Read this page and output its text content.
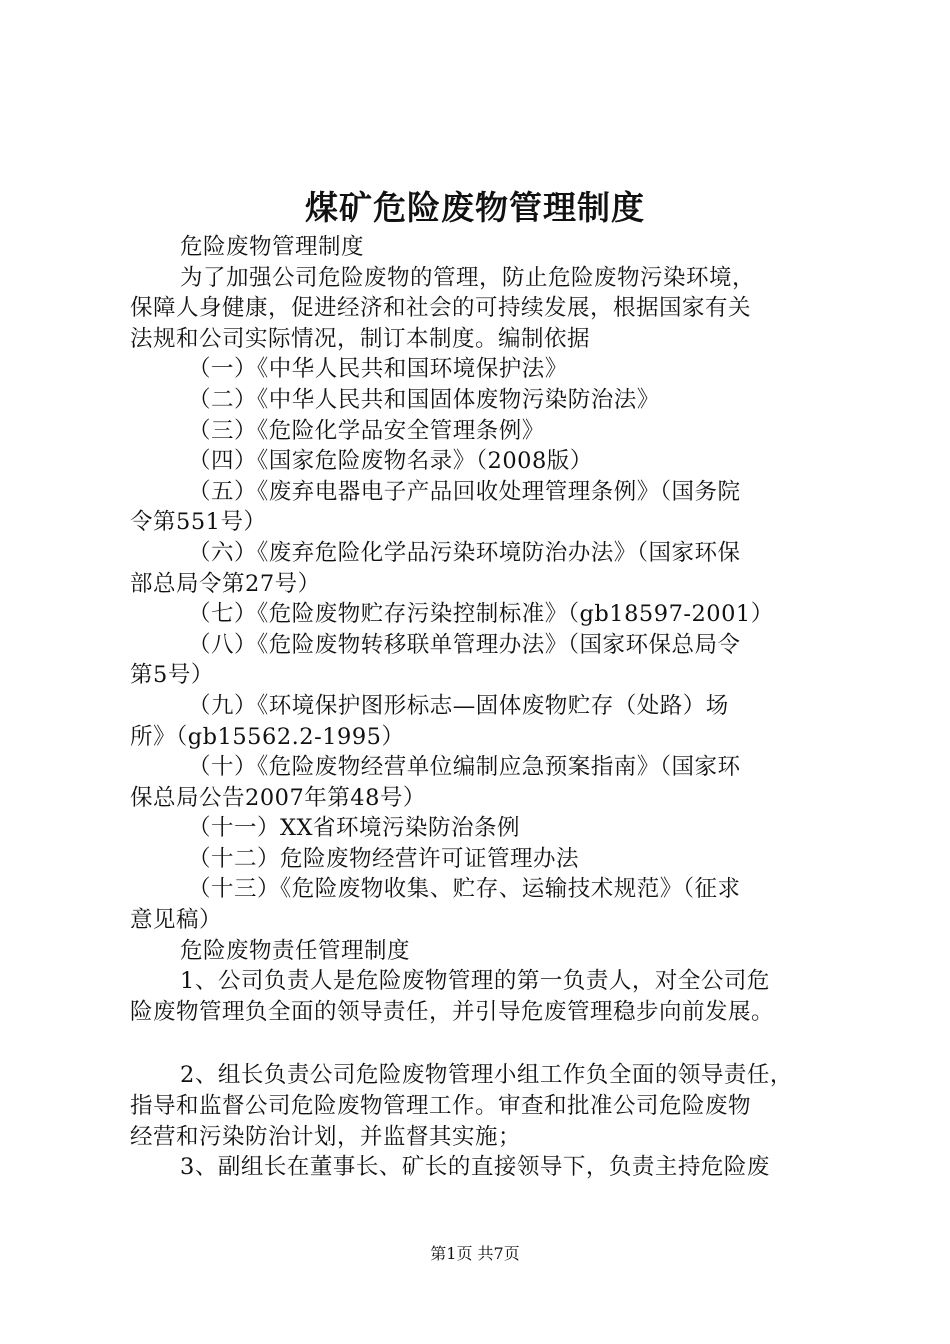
煤矿危险废物管理制度

危险废物管理制度

为了加强公司危险废物的管理，防止危险废物污染环境，

保障人身健康，促进经济和社会的可持续发展，根据国家有关

法规和公司实际情况，制订本制度。编制依据

（一）《中华人民共和国环境保护法》

（二）《中华人民共和国固体废物污染防治法》

（三）《危险化学品安全管理条例》

（四）《国家危险废物名录》（2008版）

（五）《废弃电器电子产品回收处理管理条例》（国务院

令第551号）

（六）《废弃危险化学品污染环境防治办法》（国家环保

部总局令第27号）

（七）《危险废物贮存污染控制标准》（gb18597-2001）

（八）《危险废物转移联单管理办法》（国家环保总局令

第5号）

（九）《环境保护图形标志—固体废物贮存（处路）场

所》（gb15562.2-1995）

（十）《危险废物经营单位编制应急预案指南》（国家环

保总局公告2007年第48号）

（十一）XX省环境污染防治条例

（十二）危险废物经营许可证管理办法

（十三）《危险废物收集、贮存、运输技术规范》（征求

意见稿）

危险废物责任管理制度

1、公司负责人是危险废物管理的第一负责人，对全公司危

险废物管理负全面的领导责任，并引导危废管理稳步向前发展。

2、组长负责公司危险废物管理小组工作负全面的领导责任，

指导和监督公司危险废物管理工作。审查和批准公司危险废物

经营和污染防治计划，并监督其实施；

3、副组长在董事长、矿长的直接领导下，负责主持危险废

第1页 共7页
